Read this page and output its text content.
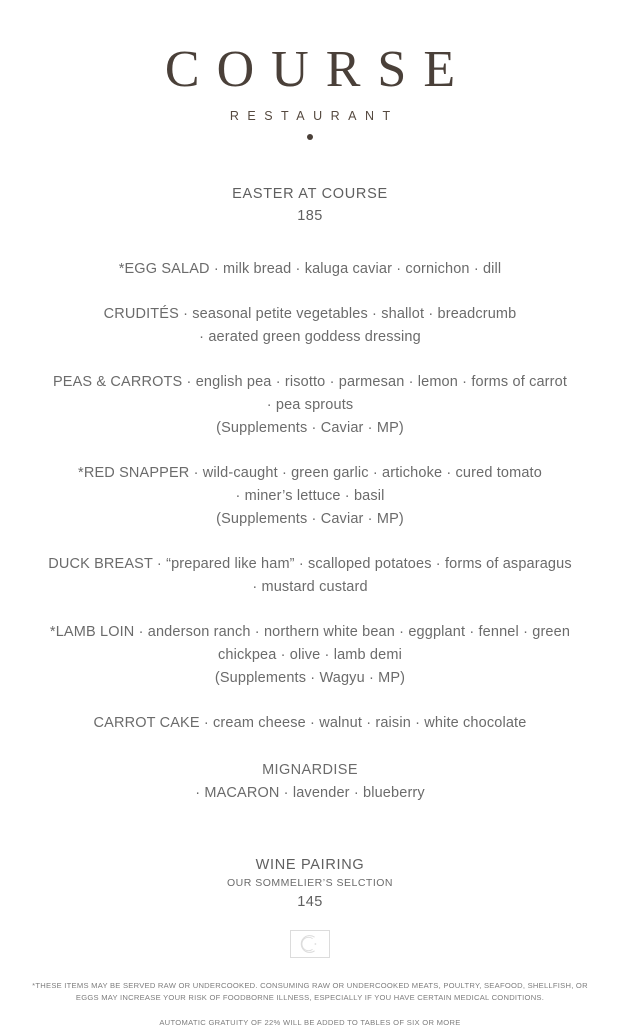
COURSE
RESTAURANT
EASTER AT COURSE
185
*EGG SALAD · milk bread · kaluga caviar · cornichon · dill
CRUDITÉS · seasonal petite vegetables · shallot · breadcrumb
· aerated green goddess dressing
PEAS & CARROTS · english pea · risotto · parmesan · lemon · forms of carrot
· pea sprouts
(Supplements · Caviar · MP)
*RED SNAPPER · wild-caught · green garlic · artichoke · cured tomato
· miner’s lettuce · basil
(Supplements · Caviar · MP)
DUCK BREAST · “prepared like ham” · scalloped potatoes · forms of asparagus
· mustard custard
*LAMB LOIN · anderson ranch · northern white bean · eggplant · fennel · green
chickpea · olive · lamb demi
(Supplements · Wagyu · MP)
CARROT CAKE · cream cheese · walnut · raisin · white chocolate
MIGNARDISE
· MACARON · lavender · blueberry
WINE PAIRING
OUR SOMMELIER’S SELCTION
145
*THESE ITEMS MAY BE SERVED RAW OR UNDERCOOKED. CONSUMING RAW OR UNDERCOOKED MEATS, POULTRY, SEAFOOD, SHELLFISH, OR EGGS MAY INCREASE YOUR RISK OF FOODBORNE ILLNESS, ESPECIALLY IF YOU HAVE CERTAIN MEDICAL CONDITIONS.
AUTOMATIC GRATUITY OF 22% WILL BE ADDED TO TABLES OF SIX OR MORE
